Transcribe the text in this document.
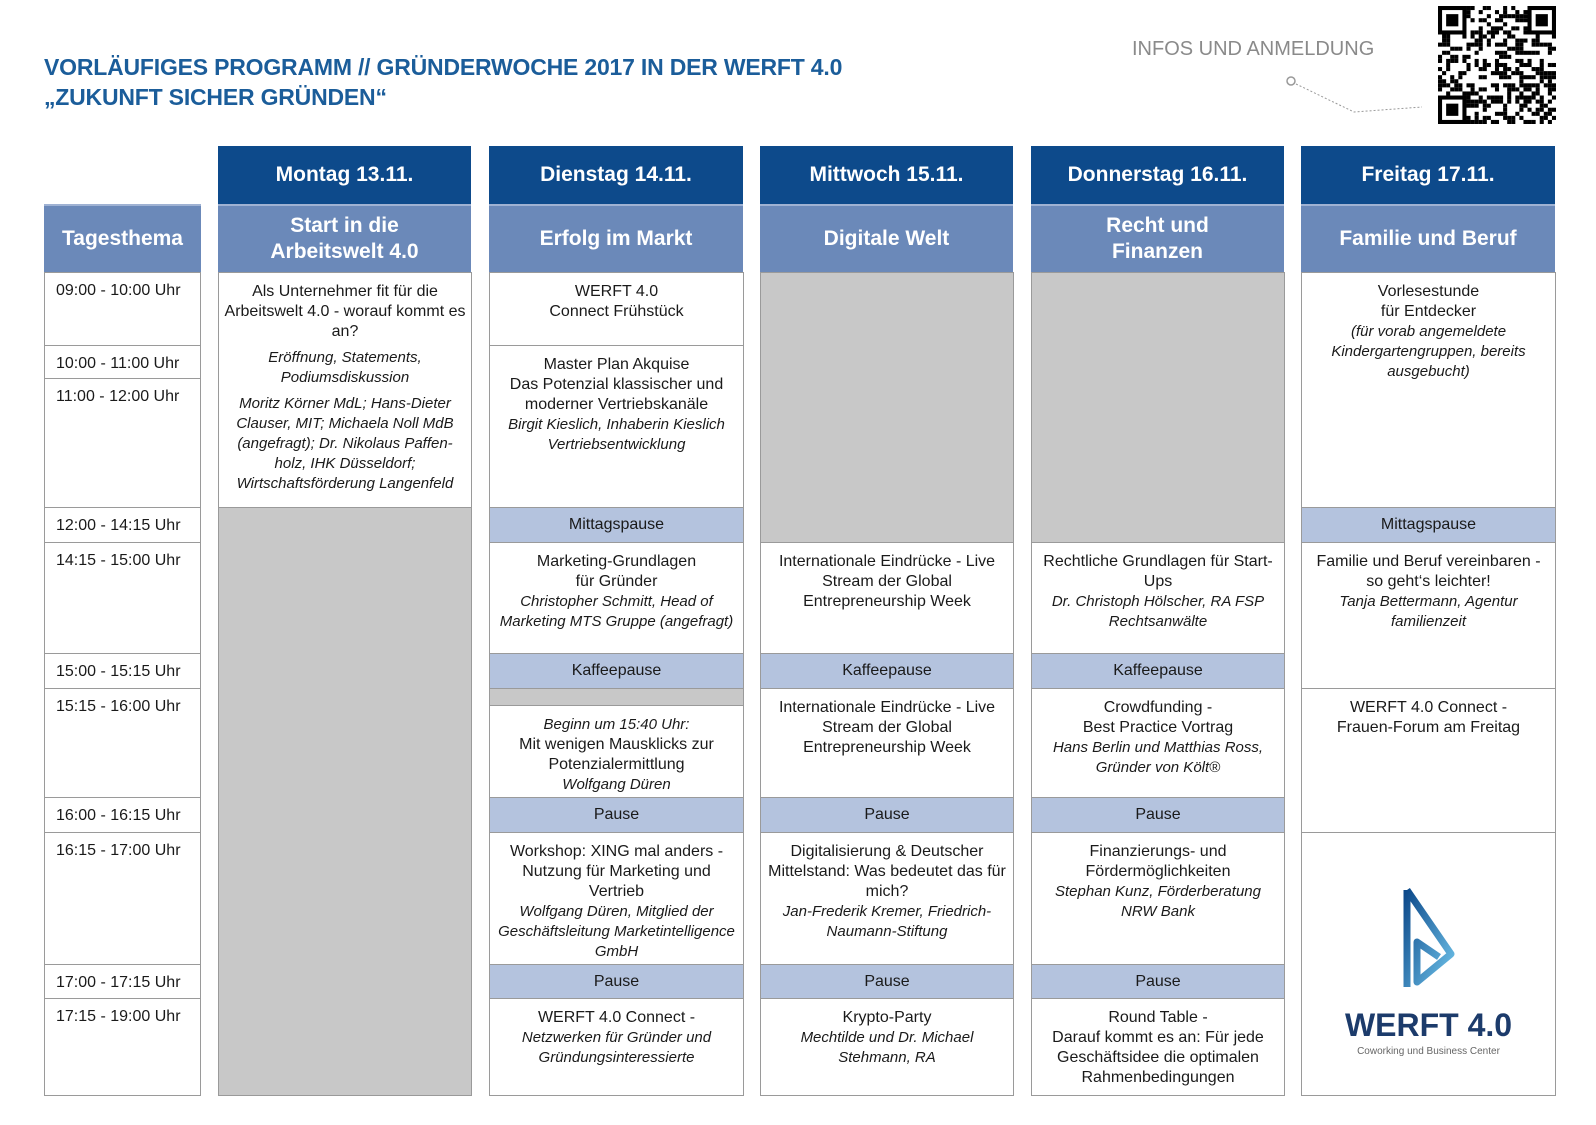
VORLÄUFIGES PROGRAMM // GRÜNDERWOCHE 2017 IN DER WERFT 4.0
„ZUKUNFT SICHER GRÜNDEN“
INFOS UND ANMELDUNG
Tagesthema
Montag 13.11.
Start in die Arbeitswelt 4.0
Dienstag 14.11.
Erfolg im Markt
Mittwoch 15.11.
Digitale Welt
Donnerstag 16.11.
Recht und Finanzen
Freitag 17.11.
Familie und Beruf
09:00 - 10:00 Uhr
10:00 - 11:00 Uhr
11:00 - 12:00 Uhr
12:00 - 14:15 Uhr
14:15 - 15:00 Uhr
15:00 - 15:15 Uhr
15:15 - 16:00 Uhr
16:00 - 16:15 Uhr
16:15 - 17:00 Uhr
17:00 - 17:15 Uhr
17:15 - 19:00 Uhr
Als Unternehmer fit für die Arbeitswelt 4.0 - worauf kommt es an?
Eröffnung, Statements, Podiumsdiskussion
Moritz Körner MdL; Hans-Dieter Clauser, MIT; Michaela Noll MdB (angefragt); Dr. Nikolaus Paffen-holz, IHK Düsseldorf; Wirtschaftsförderung Langenfeld
WERFT 4.0
Connect Frühstück
Master Plan Akquise
Das Potenzial klassischer und moderner Vertriebskanäle
Birgit Kieslich, Inhaberin Kieslich Vertriebsentwicklung
Mittagspause
Marketing-Grundlagen
für Gründer
Christopher Schmitt, Head of Marketing MTS Gruppe (angefragt)
Kaffeepause
Beginn um 15:40 Uhr:
Mit wenigen Mausklicks zur Potenzialermittlung
Wolfgang Düren
Pause
Workshop: XING mal anders - Nutzung für Marketing und Vertrieb
Wolfgang Düren, Mitglied der Geschäftsleitung Marketintelligence GmbH
Pause
WERFT 4.0 Connect -
Netzwerken für Gründer und Gründungsinteressierte
Internationale Eindrücke - Live Stream der Global Entrepreneurship Week
Kaffeepause
Internationale Eindrücke - Live Stream der Global Entrepreneurship Week
Pause
Digitalisierung & Deutscher Mittelstand: Was bedeutet das für mich?
Jan-Frederik Kremer, Friedrich-Naumann-Stiftung
Pause
Krypto-Party
Mechtilde und Dr. Michael Stehmann, RA
Rechtliche Grundlagen für Start-Ups
Dr. Christoph Hölscher, RA FSP Rechtsanwälte
Kaffeepause
Crowdfunding -
Best Practice Vortrag
Hans Berlin und Matthias Ross, Gründer von Költ®
Pause
Finanzierungs- und Fördermöglichkeiten
Stephan Kunz, Förderberatung NRW Bank
Pause
Round Table -
Darauf kommt es an: Für jede Geschäftsidee die optimalen Rahmenbedingungen
Vorlesestunde
für Entdecker
(für vorab angemeldete Kindergartengruppen, bereits ausgebucht)
Mittagspause
Familie und Beruf vereinbaren - so geht‘s leichter!
Tanja Bettermann, Agentur familienzeit
WERFT 4.0 Connect -
Frauen-Forum am Freitag
WERFT 4.0
Coworking und Business Center
